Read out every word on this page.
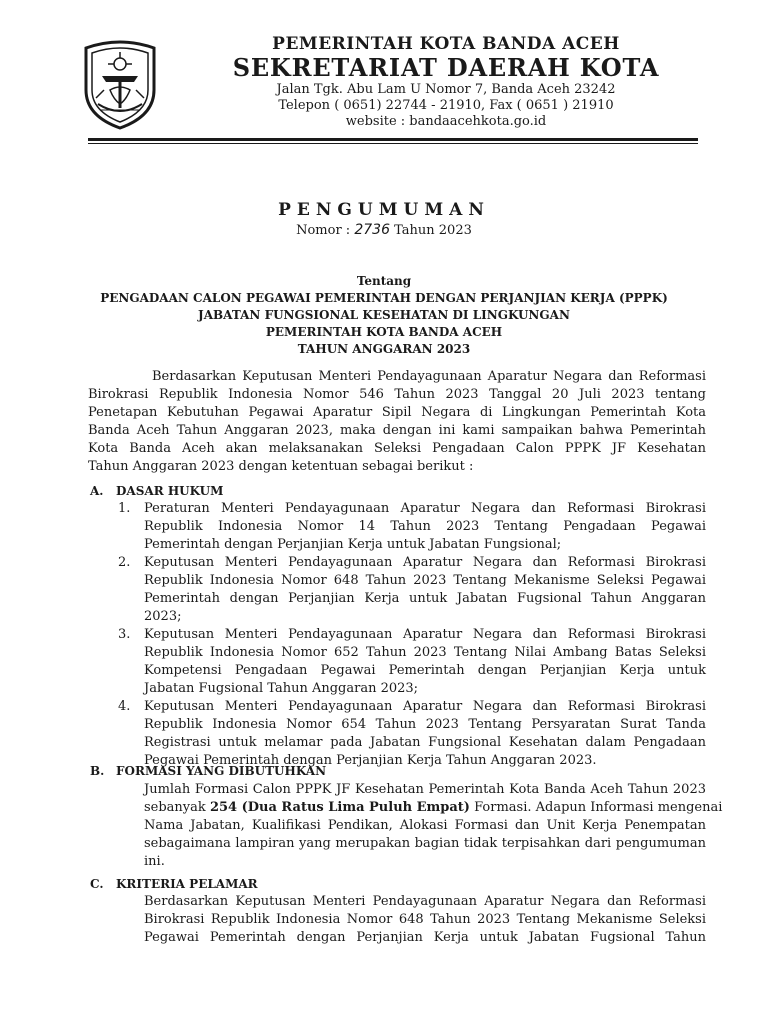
PEMERINTAH KOTA BANDA ACEH
SEKRETARIAT DAERAH KOTA
Jalan Tgk. Abu Lam U Nomor 7, Banda Aceh 23242
Telepon ( 0651) 22744 - 21910, Fax ( 0651 ) 21910
website : bandaacehkota.go.id
PENGUMUMAN
Nomor : 2736 Tahun 2023
Tentang
PENGADAAN CALON PEGAWAI PEMERINTAH DENGAN PERJANJIAN KERJA (PPPK)
JABATAN FUNGSIONAL KESEHATAN DI LINGKUNGAN
PEMERINTAH KOTA BANDA ACEH
TAHUN ANGGARAN 2023
Berdasarkan Keputusan Menteri Pendayagunaan Aparatur Negara dan Reformasi
Birokrasi Republik Indonesia Nomor 546 Tahun 2023 Tanggal 20 Juli 2023 tentang
Penetapan Kebutuhan Pegawai Aparatur Sipil Negara di Lingkungan Pemerintah Kota
Banda Aceh Tahun Anggaran 2023, maka dengan ini kami sampaikan bahwa Pemerintah
Kota Banda Aceh akan melaksanakan Seleksi Pengadaan Calon PPPK JF Kesehatan
Tahun Anggaran 2023 dengan ketentuan sebagai berikut :
A. DASAR HUKUM
1. Peraturan Menteri Pendayagunaan Aparatur Negara dan Reformasi Birokrasi
Republik Indonesia Nomor 14 Tahun 2023 Tentang Pengadaan Pegawai
Pemerintah dengan Perjanjian Kerja untuk Jabatan Fungsional;
2. Keputusan Menteri Pendayagunaan Aparatur Negara dan Reformasi Birokrasi
Republik Indonesia Nomor 648 Tahun 2023 Tentang Mekanisme Seleksi Pegawai
Pemerintah dengan Perjanjian Kerja untuk Jabatan Fugsional Tahun Anggaran
2023;
3. Keputusan Menteri Pendayagunaan Aparatur Negara dan Reformasi Birokrasi
Republik Indonesia Nomor 652 Tahun 2023 Tentang Nilai Ambang Batas Seleksi
Kompetensi Pengadaan Pegawai Pemerintah dengan Perjanjian Kerja untuk
Jabatan Fugsional Tahun Anggaran 2023;
4. Keputusan Menteri Pendayagunaan Aparatur Negara dan Reformasi Birokrasi
Republik Indonesia Nomor 654 Tahun 2023 Tentang Persyaratan Surat Tanda
Registrasi untuk melamar pada Jabatan Fungsional Kesehatan dalam Pengadaan
Pegawai Pemerintah dengan Perjanjian Kerja Tahun Anggaran 2023.
B. FORMASI YANG DIBUTUHKAN
Jumlah Formasi Calon PPPK JF Kesehatan Pemerintah Kota Banda Aceh Tahun 2023
sebanyak 254 (Dua Ratus Lima Puluh Empat) Formasi. Adapun Informasi mengenai
Nama Jabatan, Kualifikasi Pendikan, Alokasi Formasi dan Unit Kerja Penempatan
sebagaimana lampiran yang merupakan bagian tidak terpisahkan dari pengumuman
ini.
C. KRITERIA PELAMAR
Berdasarkan Keputusan Menteri Pendayagunaan Aparatur Negara dan Reformasi
Birokrasi Republik Indonesia Nomor 648 Tahun 2023 Tentang Mekanisme Seleksi
Pegawai Pemerintah dengan Perjanjian Kerja untuk Jabatan Fugsional Tahun
